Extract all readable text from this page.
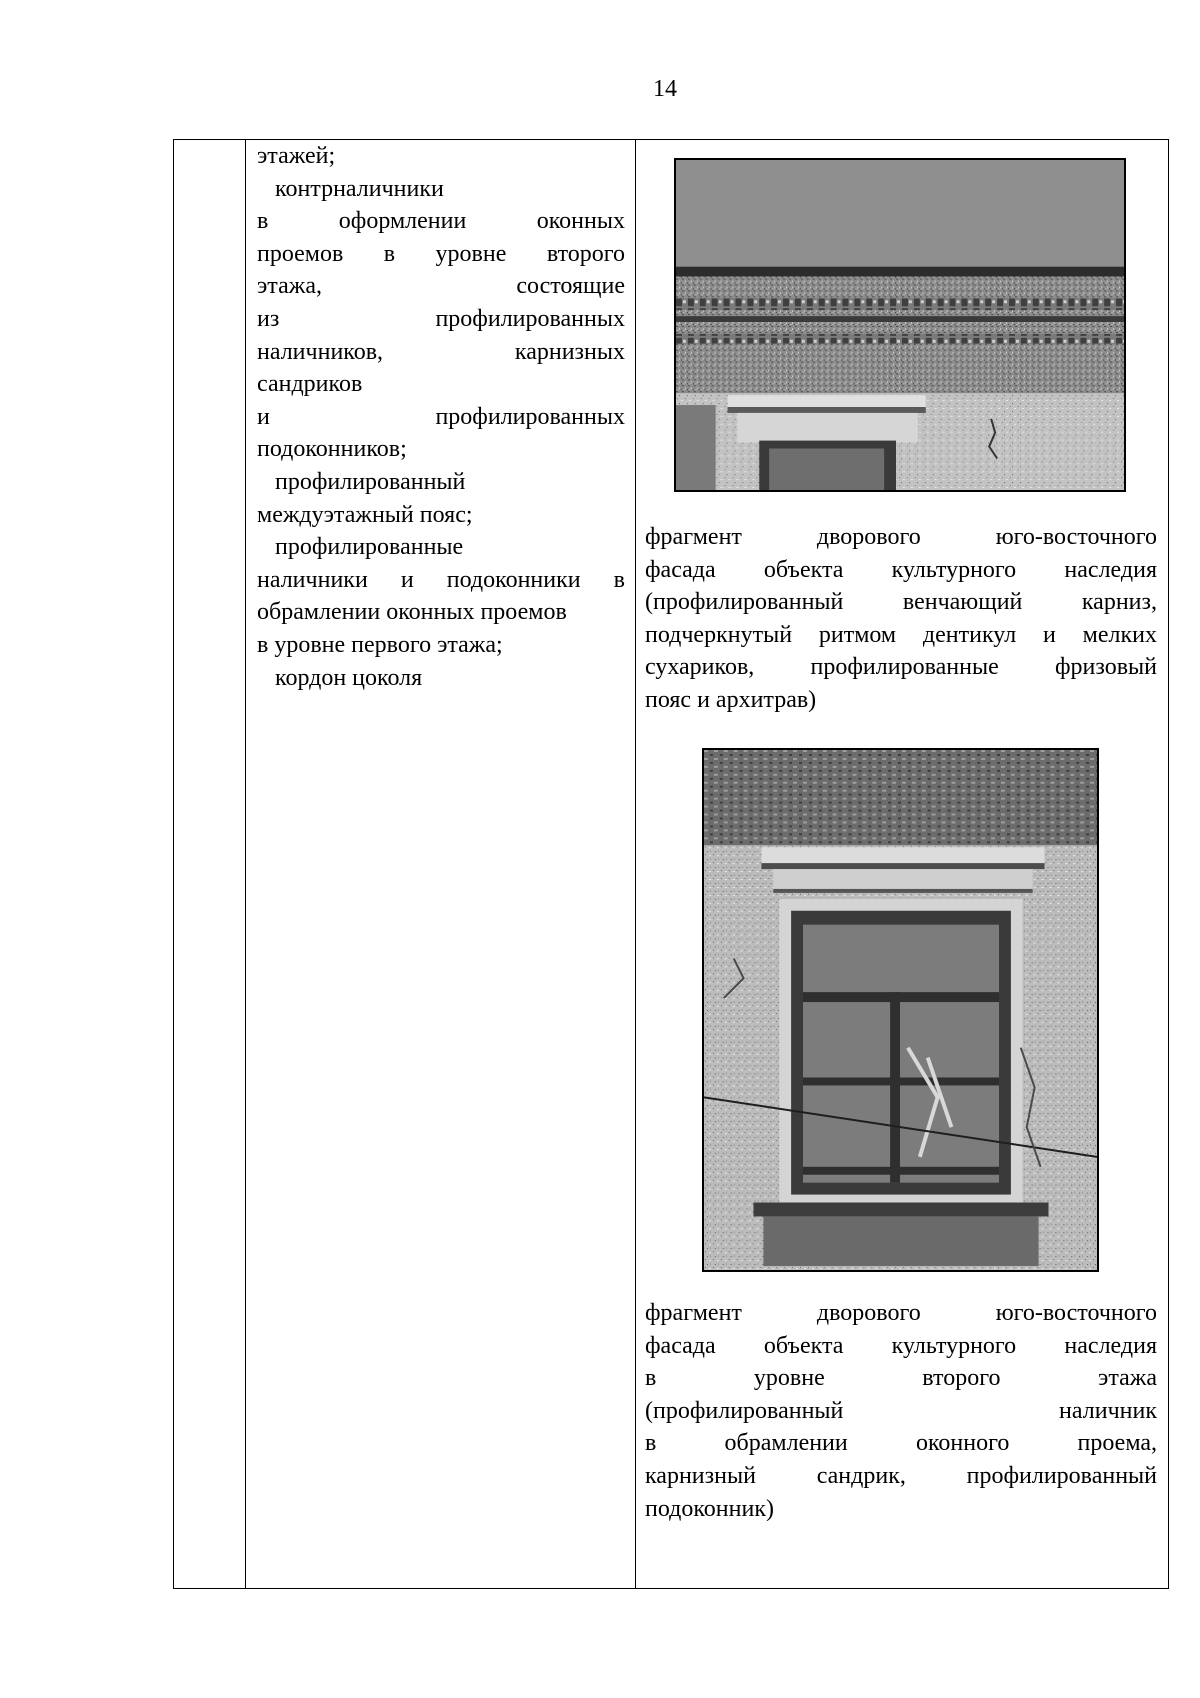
14
этажей;
контрналичники
в оформлении оконных
проемов в уровне второго
этажа, состоящие
из профилированных
наличников, карнизных
сандриков
и профилированных
подоконников;
профилированный
междуэтажный пояс;
профилированные
наличники и подоконники в
обрамлении оконных проемов
в уровне первого этажа;
кордон цоколя
фрагмент дворового юго-восточного
фасада объекта культурного наследия
(профилированный венчающий карниз,
подчеркнутый ритмом дентикул и мелких
сухариков, профилированные фризовый
пояс и архитрав)
фрагмент дворового юго-восточного
фасада объекта культурного наследия
в уровне второго этажа
(профилированный наличник
в обрамлении оконного проема,
карнизный сандрик, профилированный
подоконник)
